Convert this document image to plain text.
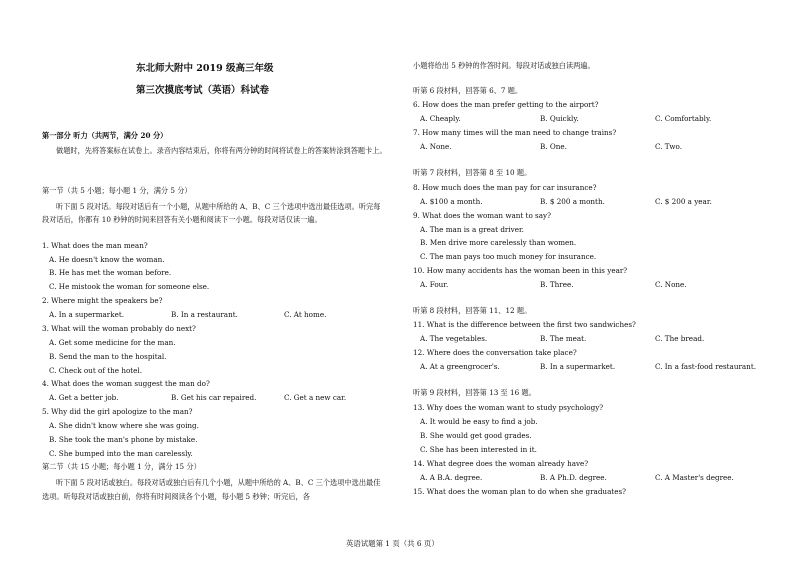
东北师大附中 2019 级高三年级
第三次摸底考试（英语）科试卷
第一部分 听力（共两节，满分 20 分）
做题时，先将答案标在试卷上。录音内容结束后，你将有两分钟的时间将试卷上的答案转涂到答题卡上。
第一节（共 5 小题；每小题 1 分，满分 5 分）
听下面 5 段对话。每段对话后有一个小题，从题中所给的 A、B、C 三个选项中选出最佳选项。听完每段对话后，你都有 10 秒钟的时间来回答有关小题和阅读下一小题。每段对话仅读一遍。
1. What does the man mean?
A. He doesn't know the woman.
B. He has met the woman before.
C. He mistook the woman for someone else.
2. Where might the speakers be?
A. In a supermarket.	B. In a restaurant.	C. At home.
3. What will the woman probably do next?
A. Get some medicine for the man.
B. Send the man to the hospital.
C. Check out of the hotel.
4. What does the woman suggest the man do?
A. Get a better job.	B. Get his car repaired.	C. Get a new car.
5. Why did the girl apologize to the man?
A. She didn't know where she was going.
B. She took the man's phone by mistake.
C. She bumped into the man carelessly.
第二节（共 15 小题；每小题 1 分，满分 15 分）
听下面 5 段对话或独白。每段对话或独白后有几个小题，从题中所给的 A、B、C 三个选项中选出最佳选项。听每段对话或独白前，你将有时间阅读各个小题，每小题 5 秒钟；听完后，各
小题将给出 5 秒钟的作答时间。每段对话或独白读两遍。
听第 6 段材料，回答第 6、7 题。
6. How does the man prefer getting to the airport?
A. Cheaply.	B. Quickly.	C. Comfortably.
7. How many times will the man need to change trains?
A. None.	B. One.	C. Two.
听第 7 段材料，回答第 8 至 10 题。
8. How much does the man pay for car insurance?
A. $100 a month.	B. $ 200 a month.	C. $ 200 a year.
9. What does the woman want to say?
A. The man is a great driver.
B. Men drive more carelessly than women.
C. The man pays too much money for insurance.
10. How many accidents has the woman been in this year?
A. Four.	B. Three.	C. None.
听第 8 段材料，回答第 11、12 题。
11. What is the difference between the first two sandwiches?
A. The vegetables.	B. The meat.	C. The bread.
12. Where does the conversation take place?
A. At a greengrocer's.	B. In a supermarket.	C. In a fast-food restaurant.
听第 9 段材料，回答第 13 至 16 题。
13. Why does the woman want to study psychology?
A. It would be easy to find a job.
B. She would get good grades.
C. She has been interested in it.
14. What degree does the woman already have?
A. A B.A. degree.	B. A Ph.D. degree.	C. A Master's degree.
15. What does the woman plan to do when she graduates?
英语试题第 1 页（共 6 页）
